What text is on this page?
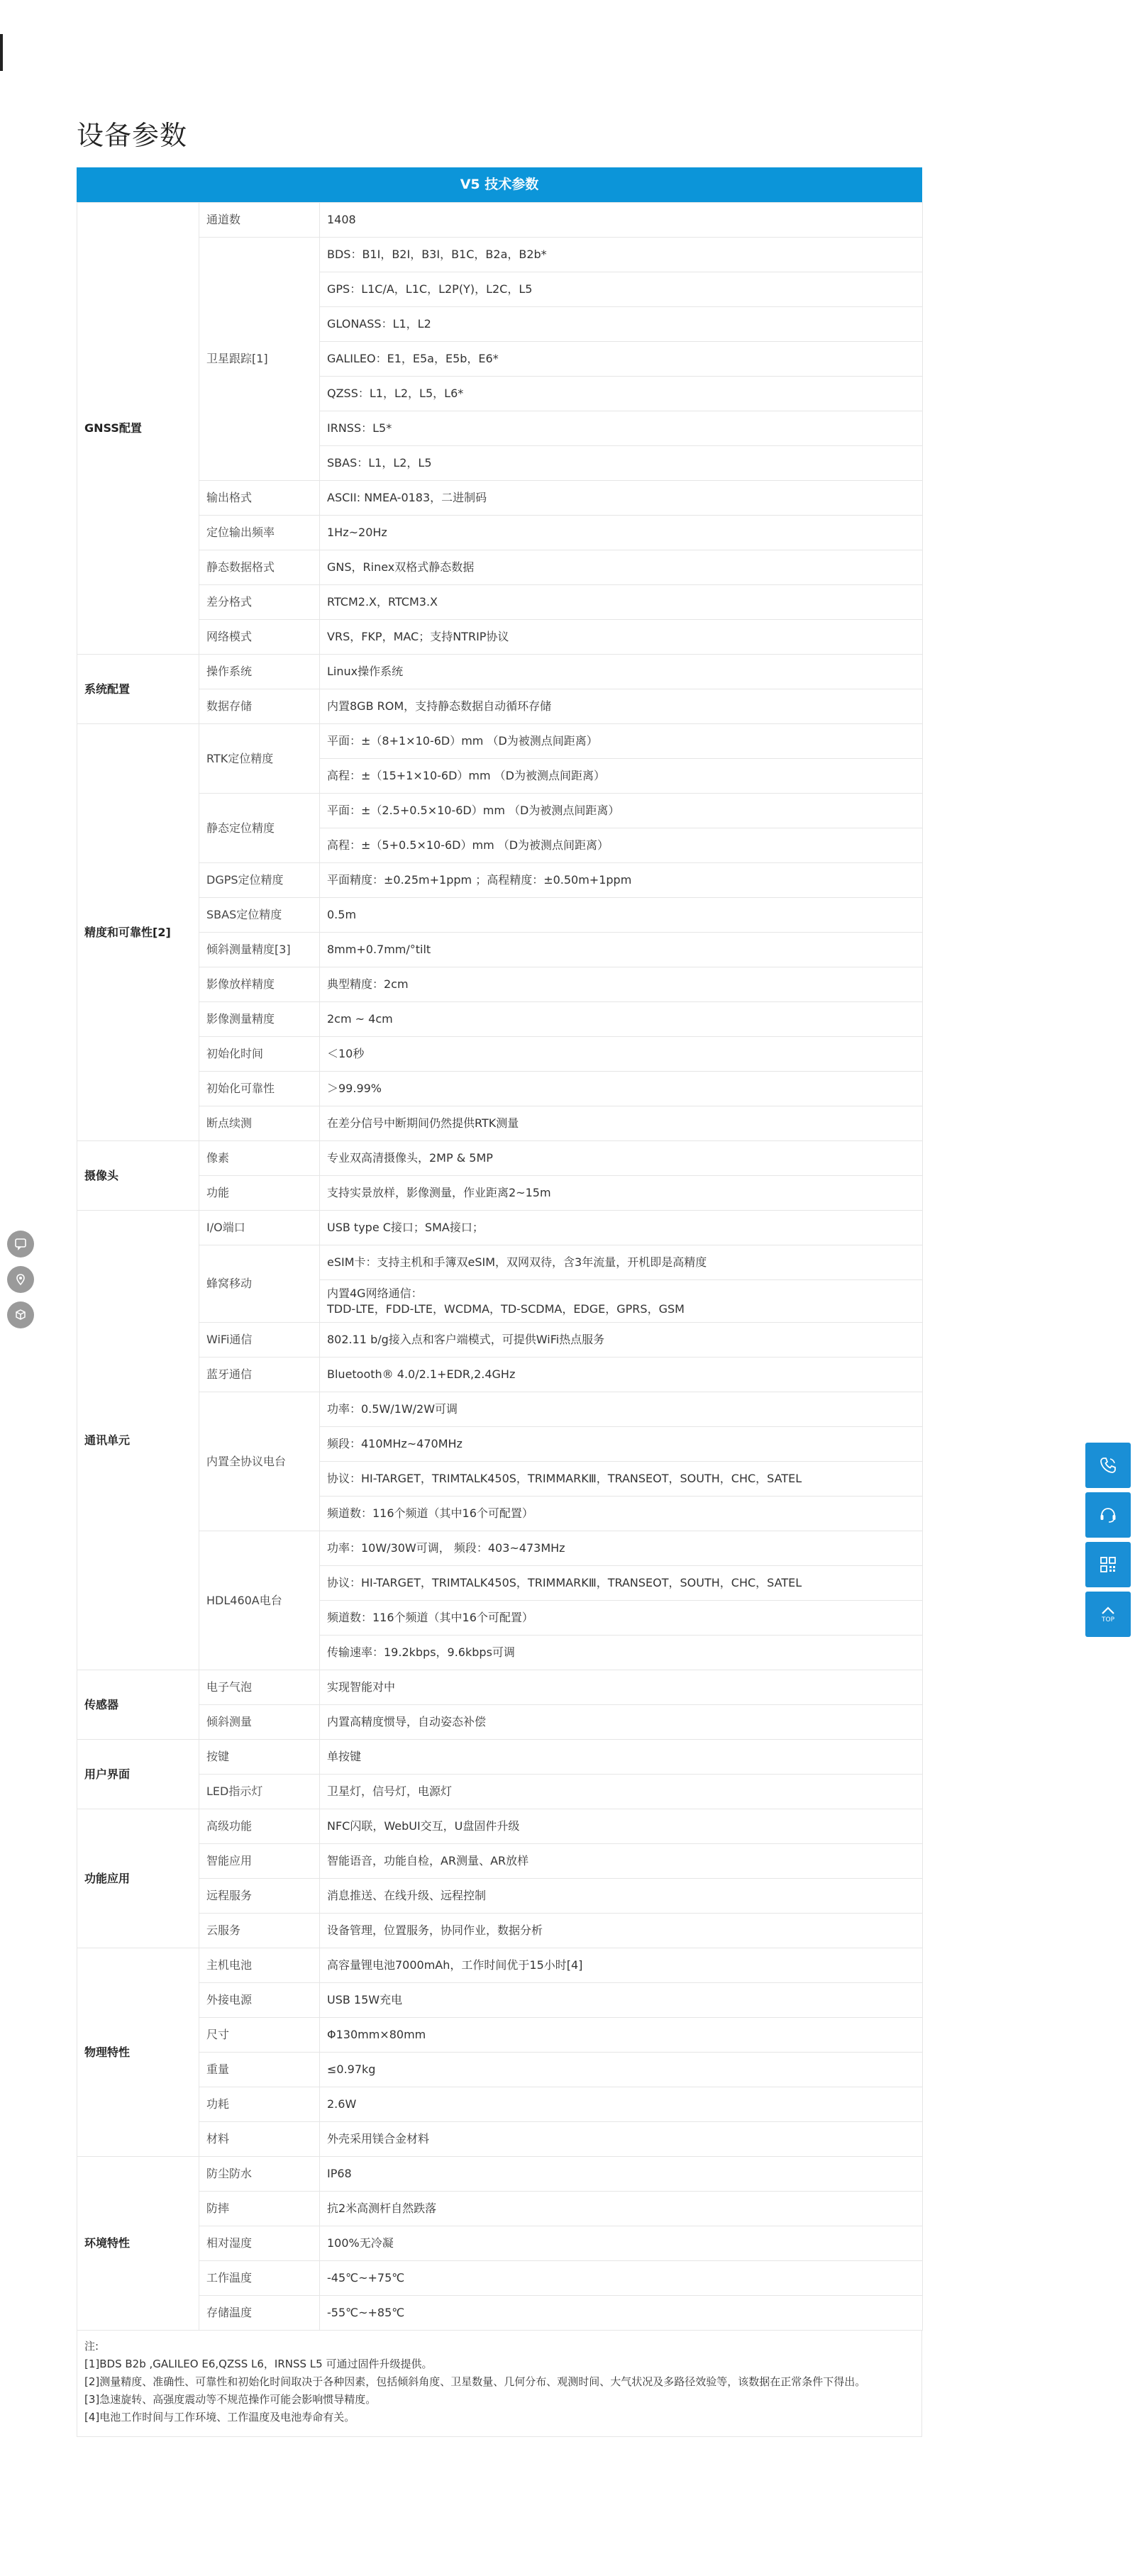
设备参数
V5 技术参数
GNSS配置	通道数	1408
	卫星跟踪[1]	BDS：B1I，B2I，B3I，B1C，B2a，B2b*
		GPS：L1C/A，L1C，L2P(Y)，L2C，L5
		GLONASS：L1，L2
		GALILEO：E1，E5a，E5b，E6*
		QZSS：L1，L2，L5，L6*
		IRNSS：L5*
		SBAS：L1，L2，L5
	输出格式	ASCII: NMEA-0183，二进制码
	定位输出频率	1Hz~20Hz
	静态数据格式	GNS，Rinex双格式静态数据
	差分格式	RTCM2.X，RTCM3.X
	网络模式	VRS，FKP，MAC；支持NTRIP协议
系统配置	操作系统	Linux操作系统
	数据存储	内置8GB ROM，支持静态数据自动循环存储
精度和可靠性[2]	RTK定位精度	平面：±（8+1×10-6D）mm （D为被测点间距离）
		高程：±（15+1×10-6D）mm （D为被测点间距离）
	静态定位精度	平面：±（2.5+0.5×10-6D）mm （D为被测点间距离）
		高程：±（5+0.5×10-6D）mm （D为被测点间距离）
	DGPS定位精度	平面精度：±0.25m+1ppm ；高程精度：±0.50m+1ppm
	SBAS定位精度	0.5m
	倾斜测量精度[3]	8mm+0.7mm/°tilt
	影像放样精度	典型精度：2cm
	影像测量精度	2cm ~ 4cm
	初始化时间	＜10秒
	初始化可靠性	＞99.99%
	断点续测	在差分信号中断期间仍然提供RTK测量
摄像头	像素	专业双高清摄像头，2MP & 5MP
	功能	支持实景放样，影像测量，作业距离2~15m
通讯单元	I/O端口	USB type C接口；SMA接口；
	蜂窝移动	eSIM卡：支持主机和手簿双eSIM，双网双待，含3年流量，开机即是高精度
		内置4G网络通信：
TDD-LTE，FDD-LTE，WCDMA，TD-SCDMA，EDGE，GPRS，GSM
	WiFi通信	802.11 b/g接入点和客户端模式，可提供WiFi热点服务
	蓝牙通信	Bluetooth® 4.0/2.1+EDR,2.4GHz
	内置全协议电台	功率：0.5W/1W/2W可调
		频段：410MHz~470MHz
		协议：HI-TARGET，TRIMTALK450S，TRIMMARKⅢ，TRANSEOT，SOUTH，CHC，SATEL
		频道数：116个频道（其中16个可配置）
	HDL460A电台	功率：10W/30W可调， 频段：403~473MHz
		协议：HI-TARGET，TRIMTALK450S，TRIMMARKⅢ，TRANSEOT，SOUTH，CHC，SATEL
		频道数：116个频道（其中16个可配置）
		传输速率：19.2kbps，9.6kbps可调
传感器	电子气泡	实现智能对中
	倾斜测量	内置高精度惯导，自动姿态补偿
用户界面	按键	单按键
	LED指示灯	卫星灯，信号灯，电源灯
功能应用	高级功能	NFC闪联，WebUI交互，U盘固件升级
	智能应用	智能语音，功能自检，AR测量、AR放样
	远程服务	消息推送、在线升级、远程控制
	云服务	设备管理，位置服务，协同作业，数据分析
物理特性	主机电池	高容量锂电池7000mAh，工作时间优于15小时[4]
	外接电源	USB 15W充电
	尺寸	Φ130mm×80mm
	重量	≤0.97kg
	功耗	2.6W
	材料	外壳采用镁合金材料
环境特性	防尘防水	IP68
	防摔	抗2米高测杆自然跌落
	相对湿度	100%无冷凝
	工作温度	-45℃~+75℃
	存储温度	-55℃~+85℃
注:
[1]BDS B2b ,GALILEO E6,QZSS L6，IRNSS L5 可通过固件升级提供。
[2]测量精度、准确性、可靠性和初始化时间取决于各种因素，包括倾斜角度、卫星数量、几何分布、观测时间、大气状况及多路径效验等，该数据在正常条件下得出。
[3]急速旋转、高强度震动等不规范操作可能会影响惯导精度。
[4]电池工作时间与工作环境、工作温度及电池寿命有关。
TOP
